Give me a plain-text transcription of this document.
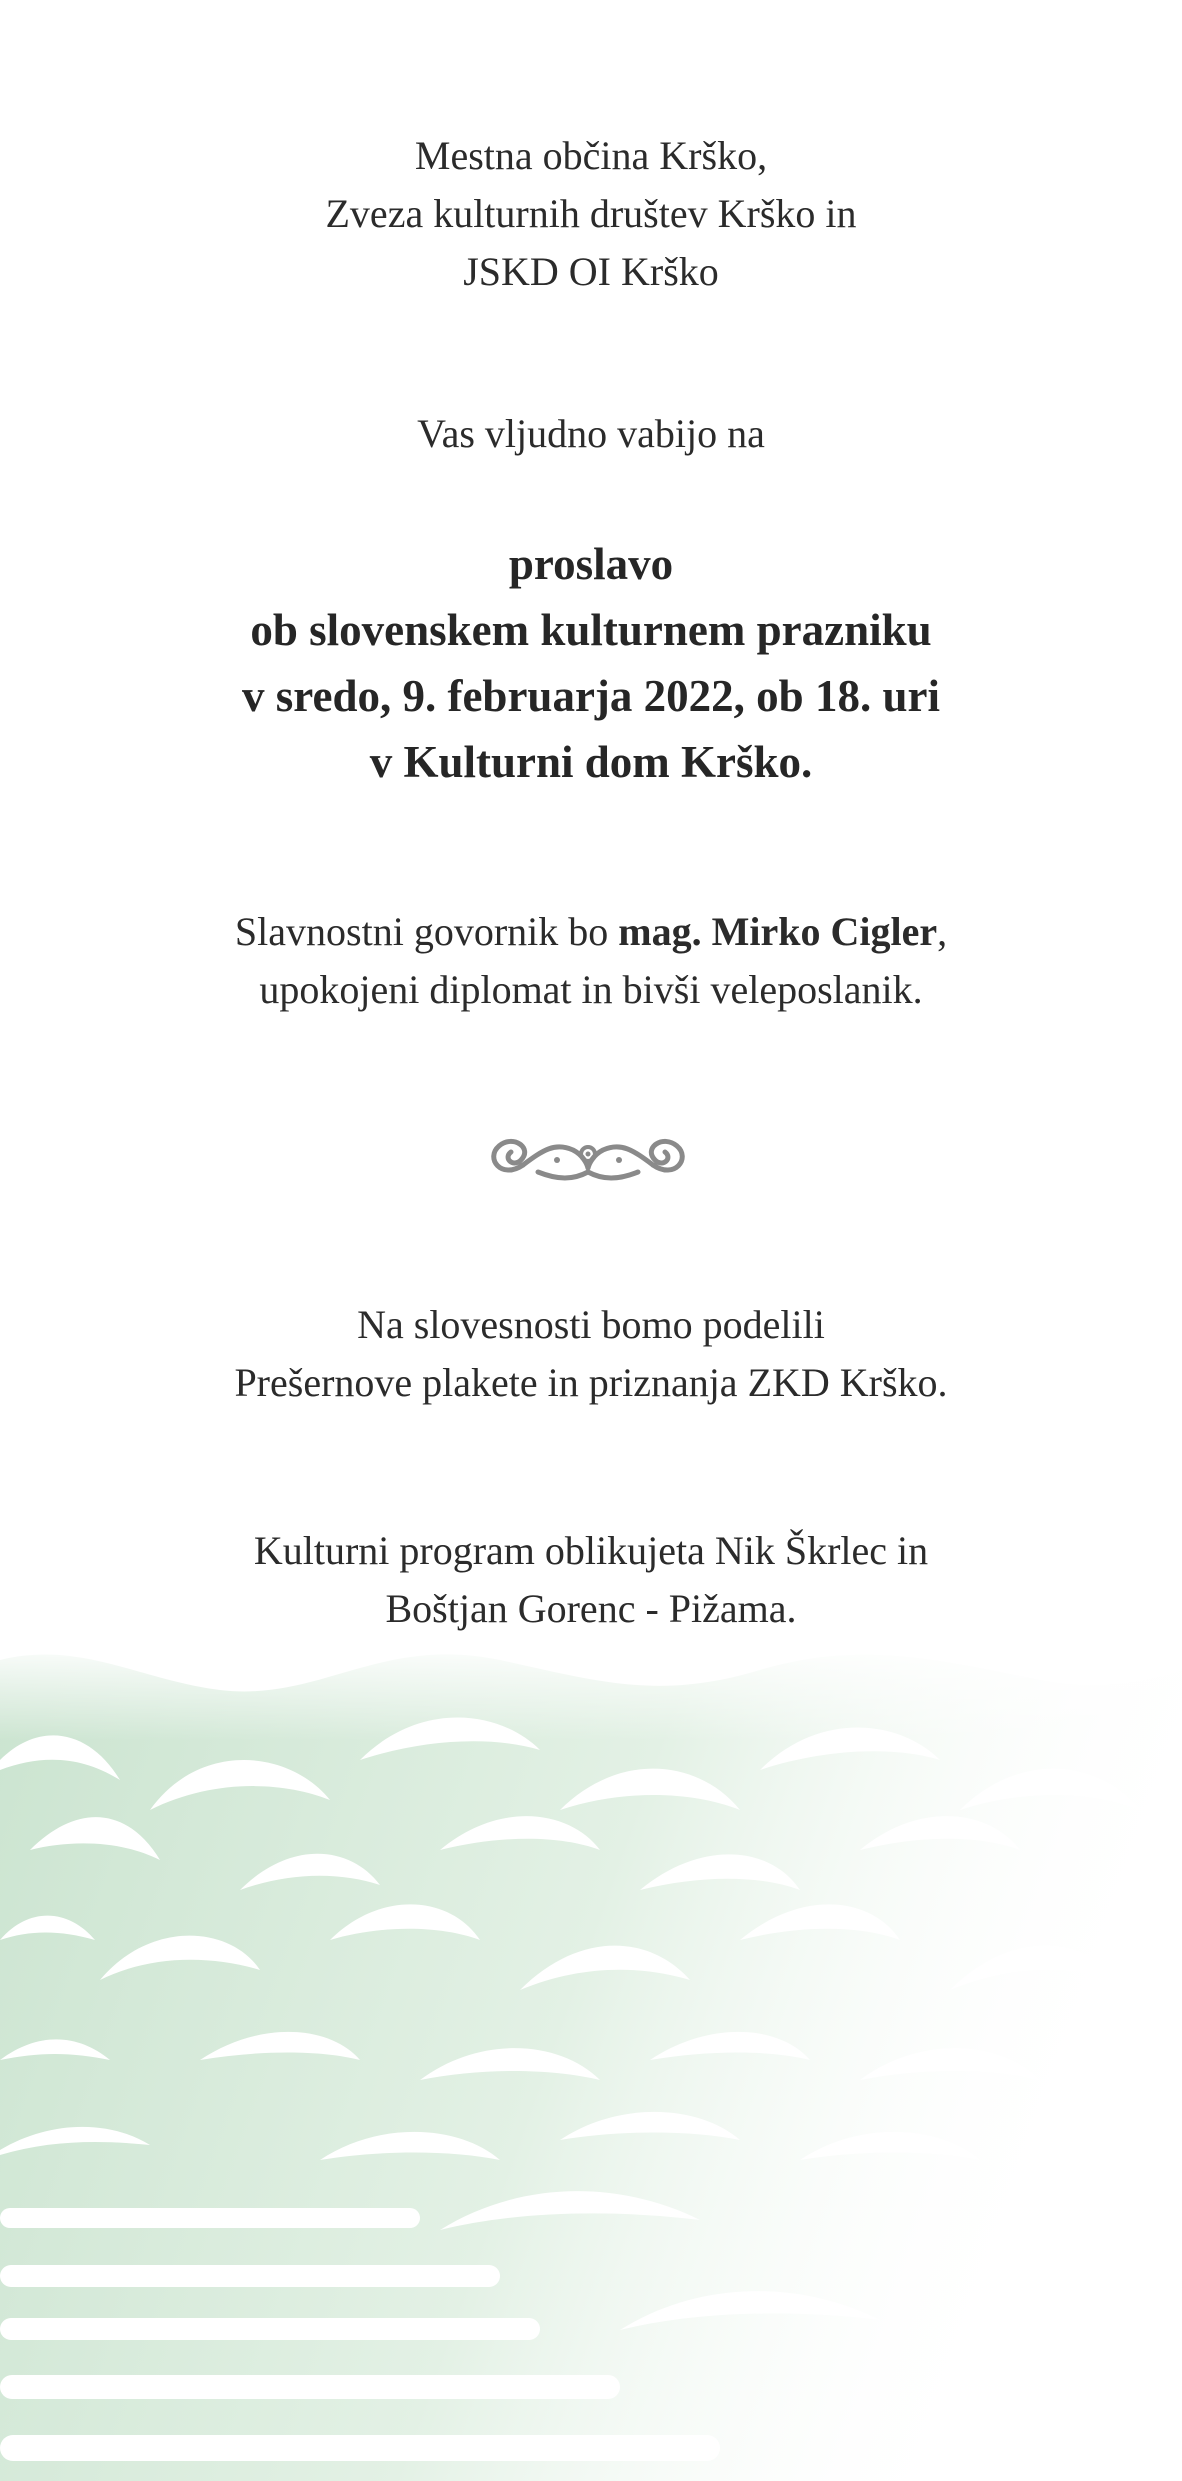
Mestna občina Krško,
Zveza kulturnih društev Krško in
JSKD OI Krško
Vas vljudno vabijo na
proslavo
ob slovenskem kulturnem prazniku
v sredo, 9. februarja 2022, ob 18. uri
v Kulturni dom Krško.
Slavnostni govornik bo mag. Mirko Cigler,
upokojeni diplomat in bivši veleposlanik.
Na slovesnosti bomo podelili
Prešernove plakete in priznanja ZKD Krško.
Kulturni program oblikujeta Nik Škrlec in
Boštjan Gorenc - Pižama.
